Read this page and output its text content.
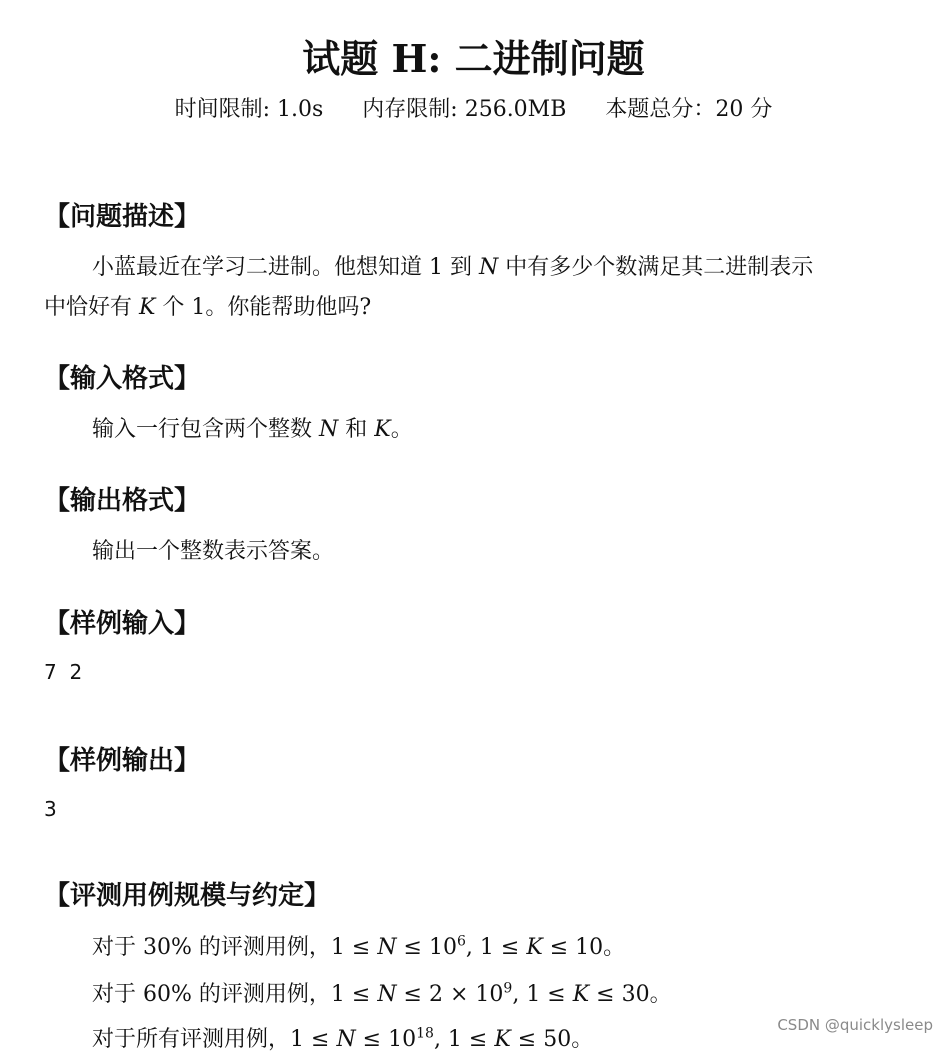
试题 H: 二进制问题
时间限制: 1.0s 内存限制: 256.0MB 本题总分：20 分
【问题描述】
小蓝最近在学习二进制。他想知道 1 到 N 中有多少个数满足其二进制表示
中恰好有 K 个 1。你能帮助他吗?
【输入格式】
输入一行包含两个整数 N 和 K。
【输出格式】
输出一个整数表示答案。
【样例输入】
7  2
【样例输出】
3
【评测用例规模与约定】
对于 30% 的评测用例，$1 \le N \le 10^6$, 1 ≤ K ≤ 10。
对于 60% 的评测用例，$1 \le N \le 2 \times 10^9$, 1 ≤ K ≤ 30。
对于所有评测用例，$1 \le N \le 10^{18}$, 1 ≤ K ≤ 50。
CSDN @quicklysleep
